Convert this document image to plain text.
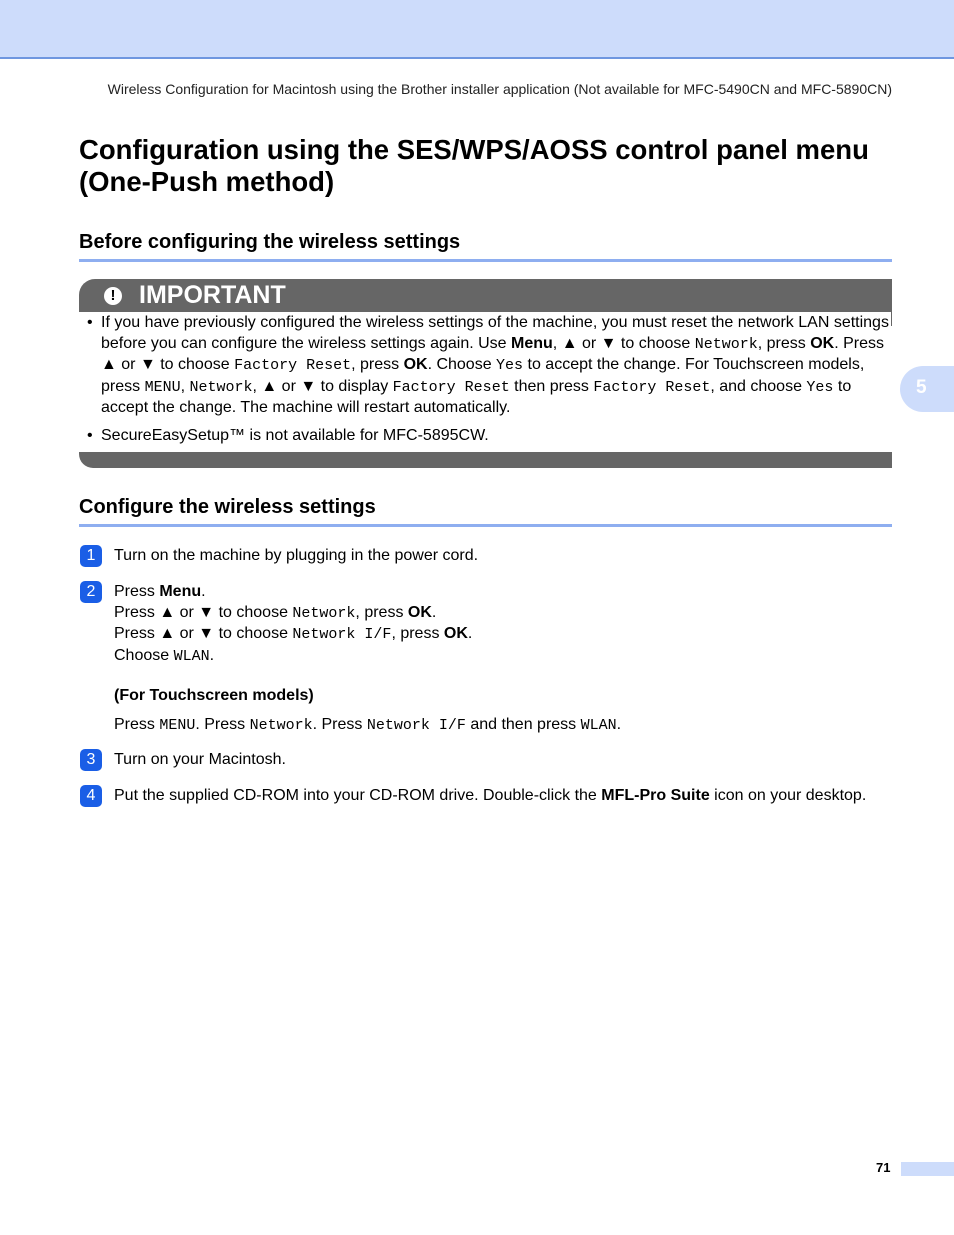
Wireless Configuration for Macintosh using the Brother installer application (Not available for MFC-5490CN and MFC-5890CN)
Configuration using the SES/WPS/AOSS control panel menu
(One-Push method)
Before configuring the wireless settings
! IMPORTANT
• If you have previously configured the wireless settings of the machine, you must reset the network LAN settings before you can configure the wireless settings again. Use Menu, ▲ or ▼ to choose Network, press OK. Press ▲ or ▼ to choose Factory Reset, press OK. Choose Yes to accept the change. For Touchscreen models, press MENU, Network, ▲ or ▼ to display Factory Reset then press Factory Reset, and choose Yes to accept the change. The machine will restart automatically.
• SecureEasySetup™ is not available for MFC-5895CW.
5
Configure the wireless settings
1	Turn on the machine by plugging in the power cord.
2	Press Menu.
Press ▲ or ▼ to choose Network, press OK.
Press ▲ or ▼ to choose Network I/F, press OK.
Choose WLAN.
(For Touchscreen models)
Press MENU. Press Network. Press Network I/F and then press WLAN.
3	Turn on your Macintosh.
4	Put the supplied CD-ROM into your CD-ROM drive. Double-click the MFL-Pro Suite icon on your desktop.
71
